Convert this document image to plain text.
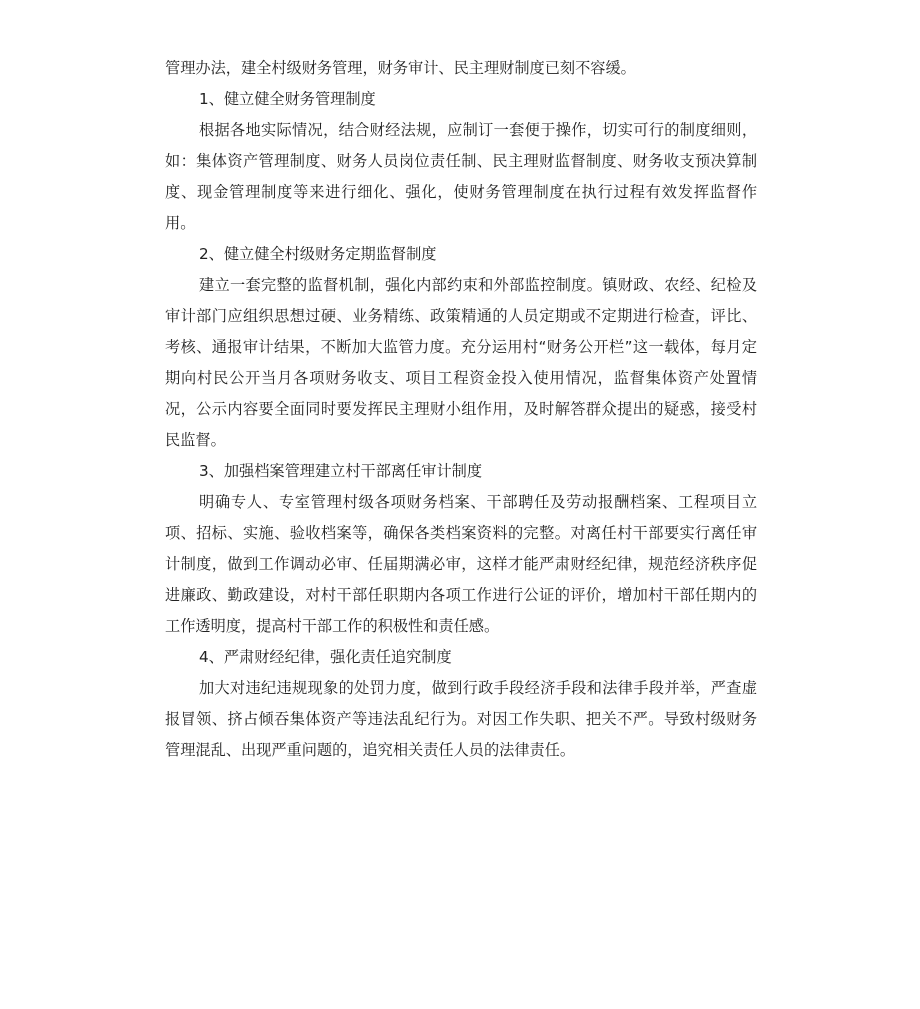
管理办法，建全村级财务管理，财务审计、民主理财制度已刻不容缓。

1、健立健全财务管理制度

根据各地实际情况，结合财经法规，应制订一套便于操作，切实可行的制度细则，如：集体资产管理制度、财务人员岗位责任制、民主理财监督制度、财务收支预决算制度、现金管理制度等来进行细化、强化，使财务管理制度在执行过程有效发挥监督作用。

2、健立健全村级财务定期监督制度

建立一套完整的监督机制，强化内部约束和外部监控制度。镇财政、农经、纪检及审计部门应组织思想过硬、业务精练、政策精通的人员定期或不定期进行检查，评比、考核、通报审计结果，不断加大监管力度。充分运用村“财务公开栏”这一载体，每月定期向村民公开当月各项财务收支、项目工程资金投入使用情况，监督集体资产处置情况，公示内容要全面同时要发挥民主理财小组作用，及时解答群众提出的疑惑，接受村民监督。

3、加强档案管理建立村干部离任审计制度

明确专人、专室管理村级各项财务档案、干部聘任及劳动报酬档案、工程项目立项、招标、实施、验收档案等，确保各类档案资料的完整。对离任村干部要实行离任审计制度，做到工作调动必审、任届期满必审，这样才能严肃财经纪律，规范经济秩序促进廉政、勤政建设，对村干部任职期内各项工作进行公证的评价，增加村干部任期内的工作透明度，提高村干部工作的积极性和责任感。

4、严肃财经纪律，强化责任追究制度

加大对违纪违规现象的处罚力度，做到行政手段经济手段和法律手段并举，严查虚报冒领、挤占倾吞集体资产等违法乱纪行为。对因工作失职、把关不严。导致村级财务管理混乱、出现严重问题的，追究相关责任人员的法律责任。
